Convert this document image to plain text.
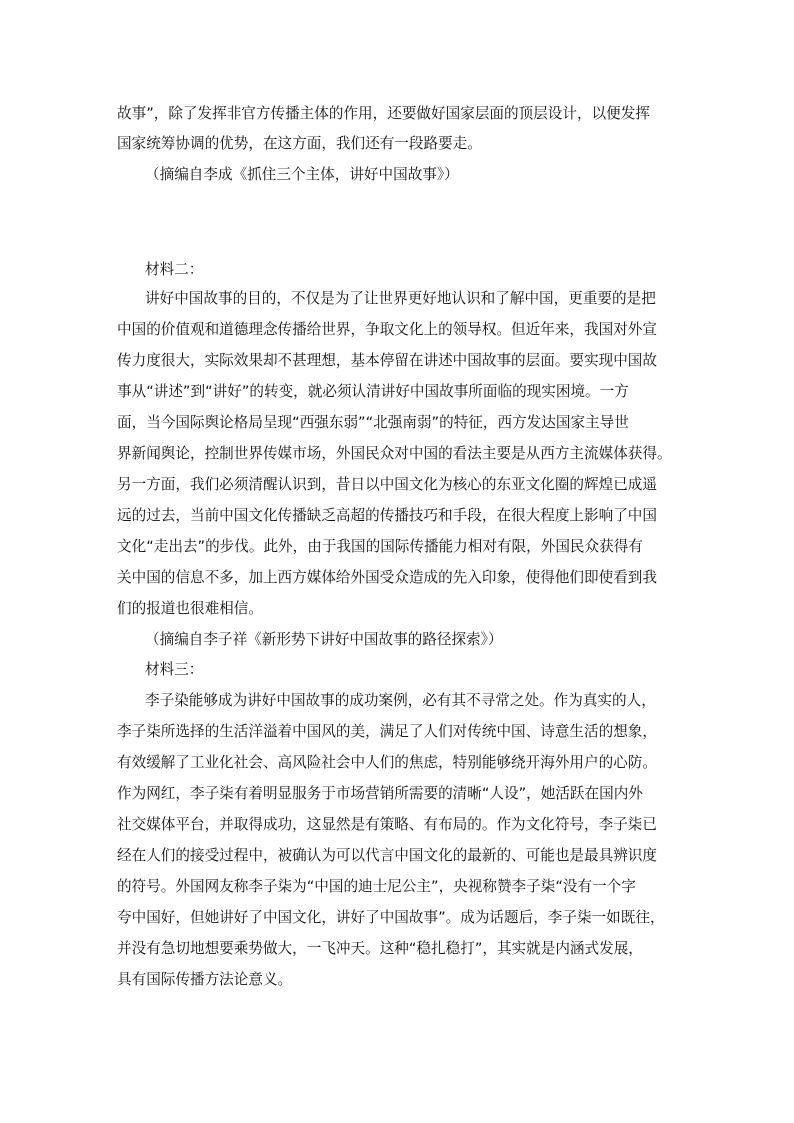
故事”，除了发挥非官方传播主体的作用，还要做好国家层面的顶层设计，以便发挥
国家统筹协调的优势，在这方面，我们还有一段路要走。
（摘编自李成《抓住三个主体，讲好中国故事》）
材料二：
讲好中国故事的目的，不仅是为了让世界更好地认识和了解中国，更重要的是把
中国的价值观和道德理念传播给世界，争取文化上的领导权。但近年来，我国对外宣
传力度很大，实际效果却不甚理想，基本停留在讲述中国故事的层面。要实现中国故
事从“讲述”到“讲好”的转变，就必须认清讲好中国故事所面临的现实困境。一方
面，当今国际舆论格局呈现“西强东弱”“北强南弱”的特征，西方发达国家主导世
界新闻舆论，控制世界传媒市场，外国民众对中国的看法主要是从西方主流媒体获得。
另一方面，我们必须清醒认识到，昔日以中国文化为核心的东亚文化圈的辉煌已成遥
远的过去，当前中国文化传播缺乏高超的传播技巧和手段，在很大程度上影响了中国
文化“走出去”的步伐。此外，由于我国的国际传播能力相对有限，外国民众获得有
关中国的信息不多，加上西方媒体给外国受众造成的先入印象，使得他们即使看到我
们的报道也很难相信。
（摘编自李子祥《新形势下讲好中国故事的路径探索》）
材料三：
李子染能够成为讲好中国故事的成功案例，必有其不寻常之处。作为真实的人，
李子柒所选择的生活洋溢着中国风的美，满足了人们对传统中国、诗意生活的想象，
有效缓解了工业化社会、高风险社会中人们的焦虑，特别能够绕开海外用户的心防。
作为网红，李子柒有着明显服务于市场营销所需要的清晰“人设”，她活跃在国内外
社交媒体平台，并取得成功，这显然是有策略、有布局的。作为文化符号，李子柒已
经在人们的接受过程中，被确认为可以代言中国文化的最新的、可能也是最具辨识度
的符号。外国网友称李子柒为“中国的迪士尼公主”，央视称赞李子柒“没有一个字
夸中国好，但她讲好了中国文化，讲好了中国故事”。成为话题后，李子柒一如既往，
并没有急切地想要乘势做大，一飞冲天。这种“稳扎稳打”，其实就是内涵式发展，
具有国际传播方法论意义。
